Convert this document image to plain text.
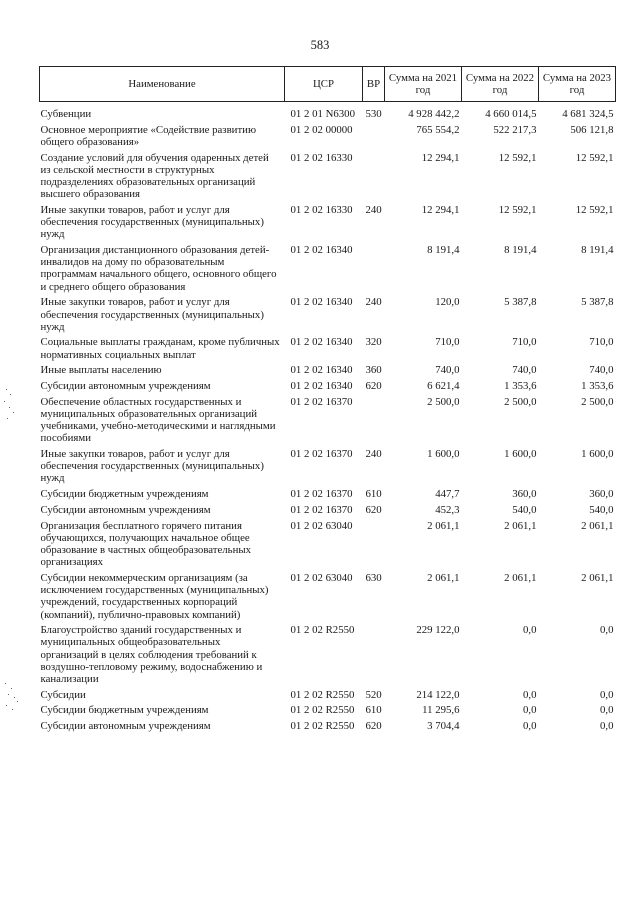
583
Наименование	ЦСР	ВР	Сумма на 2021 год	Сумма на 2022 год	Сумма на 2023 год
Субвенции	01 2 01 N6300	530	4 928 442,2	4 660 014,5	4 681 324,5
Основное мероприятие «Содействие развитию общего образования»	01 2 02 00000		765 554,2	522 217,3	506 121,8
Создание условий для обучения одаренных детей из сельской местности в структурных подразделениях образовательных организаций высшего образования	01 2 02 16330		12 294,1	12 592,1	12 592,1
Иные закупки товаров, работ и услуг для обеспечения государственных (муниципальных) нужд	01 2 02 16330	240	12 294,1	12 592,1	12 592,1
Организация дистанционного образования детей-инвалидов на дому по образовательным программам начального общего, основного общего и среднего общего образования	01 2 02 16340		8 191,4	8 191,4	8 191,4
Иные закупки товаров, работ и услуг для обеспечения государственных (муниципальных) нужд	01 2 02 16340	240	120,0	5 387,8	5 387,8
Социальные выплаты гражданам, кроме публичных нормативных социальных выплат	01 2 02 16340	320	710,0	710,0	710,0
Иные выплаты населению	01 2 02 16340	360	740,0	740,0	740,0
Субсидии автономным учреждениям	01 2 02 16340	620	6 621,4	1 353,6	1 353,6
Обеспечение областных государственных и муниципальных образовательных организаций учебниками, учебно-методическими и наглядными пособиями	01 2 02 16370		2 500,0	2 500,0	2 500,0
Иные закупки товаров, работ и услуг для обеспечения государственных (муниципальных) нужд	01 2 02 16370	240	1 600,0	1 600,0	1 600,0
Субсидии бюджетным учреждениям	01 2 02 16370	610	447,7	360,0	360,0
Субсидии автономным учреждениям	01 2 02 16370	620	452,3	540,0	540,0
Организация бесплатного горячего питания обучающихся, получающих начальное общее образование в частных общеобразовательных организациях	01 2 02 63040		2 061,1	2 061,1	2 061,1
Субсидии некоммерческим организациям (за исключением государственных (муниципальных) учреждений, государственных корпораций (компаний), публично-правовых компаний)	01 2 02 63040	630	2 061,1	2 061,1	2 061,1
Благоустройство зданий государственных и муниципальных общеобразовательных организаций в целях соблюдения требований к воздушно-тепловому режиму, водоснабжению и канализации	01 2 02 R2550		229 122,0	0,0	0,0
Субсидии	01 2 02 R2550	520	214 122,0	0,0	0,0
Субсидии бюджетным учреждениям	01 2 02 R2550	610	11 295,6	0,0	0,0
Субсидии автономным учреждениям	01 2 02 R2550	620	3 704,4	0,0	0,0
